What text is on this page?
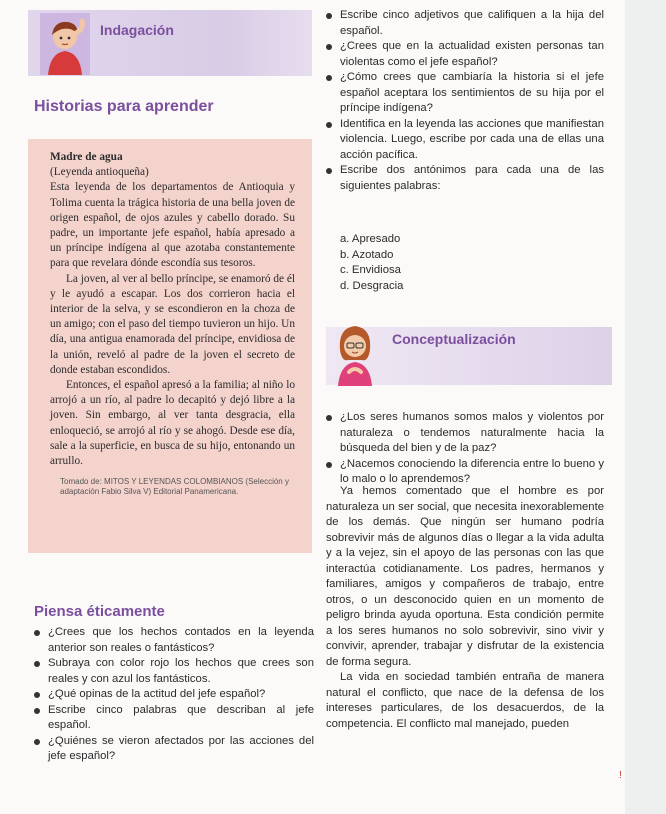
Indagación
Historias para aprender
Madre de agua
(Leyenda antioqueña)

Esta leyenda de los departamentos de Antioquia y Tolima cuenta la trágica historia de una bella joven de origen español, de ojos azules y cabello dorado. Su padre, un importante jefe español, había apresado a un príncipe indígena al que azotaba constantemente para que revelara dónde escondía sus tesoros.

La joven, al ver al bello príncipe, se enamoró de él y le ayudó a escapar. Los dos corrieron hacia el interior de la selva, y se escondieron en la choza de un amigo; con el paso del tiempo tuvieron un hijo. Un día, una antigua enamorada del príncipe, envidiosa de la unión, reveló al padre de la joven el secreto de donde estaban escondidos.

Entonces, el español apresó a la familia; al niño lo arrojó a un río, al padre lo decapitó y dejó libre a la joven. Sin embargo, al ver tanta desgracia, ella enloqueció, se arrojó al río y se ahogó. Desde ese día, sale a la superficie, en busca de su hijo, entonando un arrullo.

Tomado de: MITOS Y LEYENDAS COLOMBIANOS (Selección y adaptación Fabio Silva V) Editorial Panamericana.
Piensa éticamente
¿Crees que los hechos contados en la leyenda anterior son reales o fantásticos?
Subraya con color rojo los hechos que crees son reales y con azul los fantásticos.
¿Qué opinas de la actitud del jefe español?
Escribe cinco palabras que describan al jefe español.
¿Quiénes se vieron afectados por las acciones del jefe español?
Escribe cinco adjetivos que califiquen a la hija del español.
¿Crees que en la actualidad existen personas tan violentas como el jefe español?
¿Cómo crees que cambiaría la historia si el jefe español aceptara los sentimientos de su hija por el príncipe indígena?
Identifica en la leyenda las acciones que manifiestan violencia. Luego, escribe por cada una de ellas una acción pacífica.
Escribe dos antónimos para cada una de las siguientes palabras:
a. Apresado
b. Azotado
c. Envidiosa
d. Desgracia
Conceptualización
¿Los seres humanos somos malos y violentos por naturaleza o tendemos naturalmente hacia la búsqueda del bien y de la paz?
¿Nacemos conociendo la diferencia entre lo bueno y lo malo o lo aprendemos?

Ya hemos comentado que el hombre es por naturaleza un ser social, que necesita inexorablemente de los demás. Que ningún ser humano podría sobrevivir más de algunos días o llegar a la vida adulta y a la vejez, sin el apoyo de las personas con las que interactúa cotidianamente. Los padres, hermanos y familiares, amigos y compañeros de trabajo, entre otros, o un desconocido quien en un momento de peligro brinda ayuda oportuna. Esta condición permite a los seres humanos no solo sobrevivir, sino vivir y convivir, aprender, trabajar y disfrutar de la existencia de forma segura.

La vida en sociedad también entraña de manera natural el conflicto, que nace de la defensa de los intereses particulares, de los desacuerdos, de la competencia. El conflicto mal manejado, pueden

!
